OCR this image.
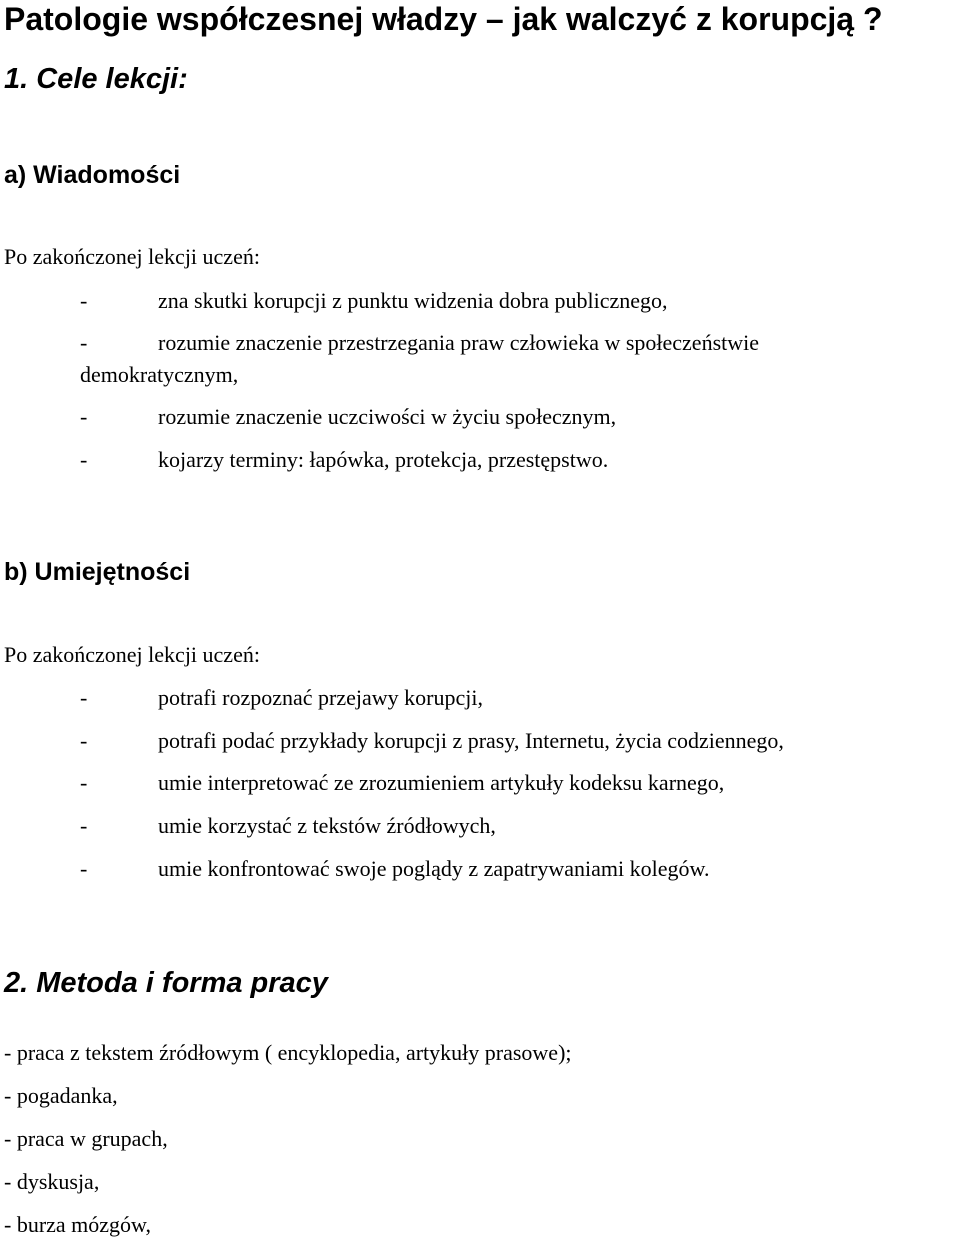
Patologie współczesnej władzy – jak walczyć z korupcją ?
1. Cele lekcji:
a) Wiadomości

Po zakończonej lekcji uczeń:

-	zna skutki korupcji z punktu widzenia dobra publicznego,
-	rozumie znaczenie przestrzegania praw człowieka w społeczeństwie
demokratycznym,
-	rozumie znaczenie uczciwości w życiu społecznym,
-	kojarzy terminy: łapówka, protekcja, przestępstwo.
b) Umiejętności

Po zakończonej lekcji uczeń:

-	potrafi rozpoznać przejawy korupcji,
-	potrafi podać przykłady korupcji z prasy, Internetu, życia codziennego,
-	umie interpretować ze zrozumieniem artykuły kodeksu karnego,
-	umie korzystać z tekstów źródłowych,
-	umie konfrontować swoje poglądy z zapatrywaniami kolegów.
2. Metoda i forma pracy

- praca z tekstem źródłowym ( encyklopedia, artykuły prasowe);

- pogadanka,

- praca w grupach,

- dyskusja,

- burza mózgów,
